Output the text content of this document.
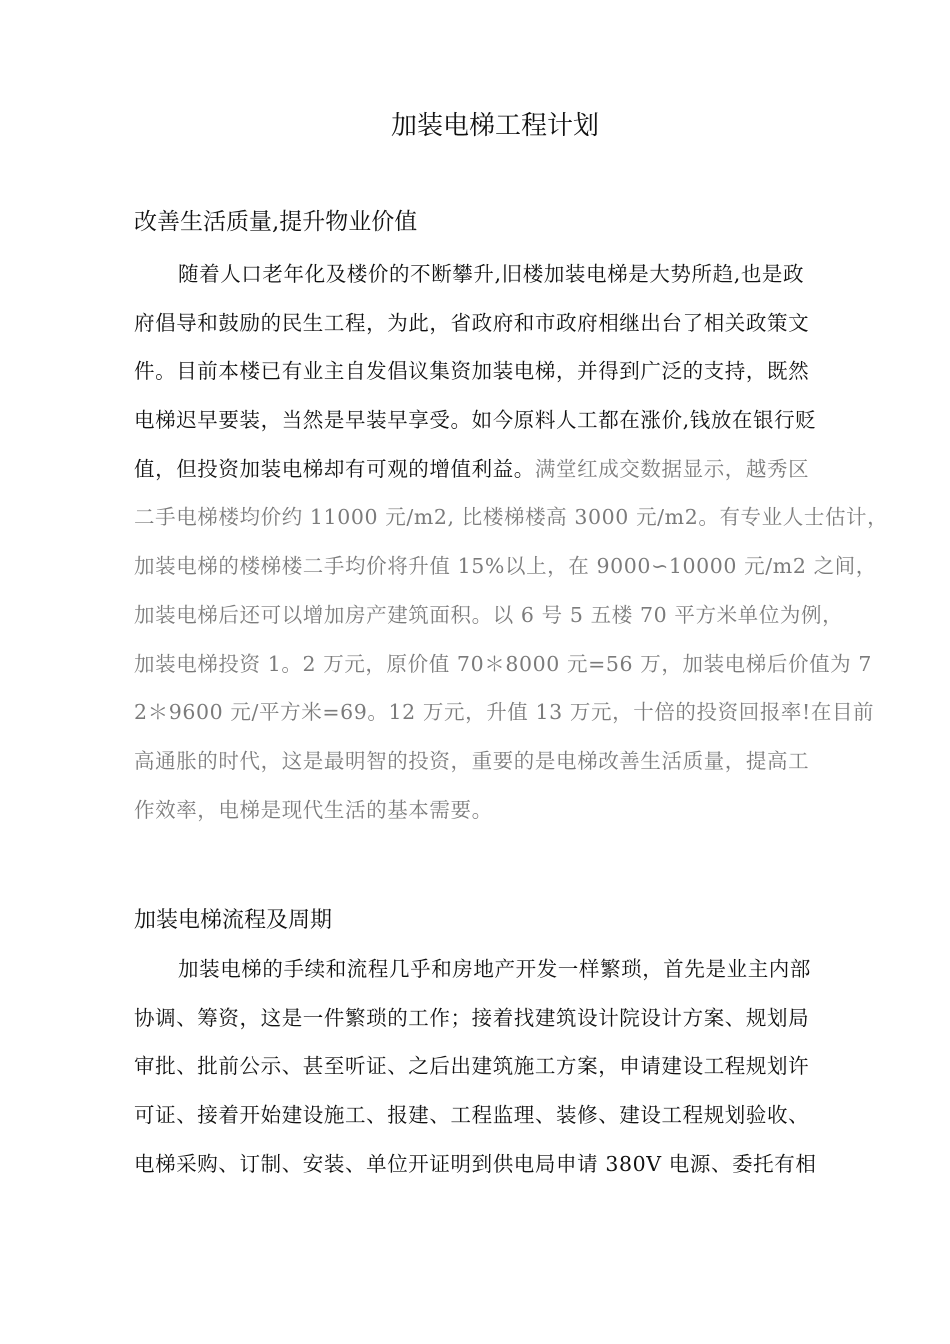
加装电梯工程计划
改善生活质量,提升物业价值
随着人口老年化及楼价的不断攀升,旧楼加装电梯是大势所趋,也是政
府倡导和鼓励的民生工程，为此，省政府和市政府相继出台了相关政策文
件。目前本楼已有业主自发倡议集资加装电梯，并得到广泛的支持，既然
电梯迟早要装，当然是早装早享受。如今原料人工都在涨价,钱放在银行贬
值，但投资加装电梯却有可观的增值利益。满堂红成交数据显示，越秀区
二手电梯楼均价约 11000 元/m2, 比楼梯楼高 3000 元/m2。有专业人士估计，
加装电梯的楼梯楼二手均价将升值 15%以上，在 9000∽10000 元/m2 之间，
加装电梯后还可以增加房产建筑面积。以 6 号 5 五楼 70 平方米单位为例，
加装电梯投资 1。2 万元，原价值 70＊8000 元=56 万，加装电梯后价值为 7
2＊9600 元/平方米=69。12 万元，升值 13 万元，十倍的投资回报率!在目前
高通胀的时代，这是最明智的投资，重要的是电梯改善生活质量，提高工
作效率，电梯是现代生活的基本需要。
加装电梯流程及周期
加装电梯的手续和流程几乎和房地产开发一样繁琐，首先是业主内部
协调、筹资，这是一件繁琐的工作；接着找建筑设计院设计方案、规划局
审批、批前公示、甚至听证、之后出建筑施工方案，申请建设工程规划许
可证、接着开始建设施工、报建、工程监理、装修、建设工程规划验收、
电梯采购、订制、安装、单位开证明到供电局申请 380V 电源、委托有相
